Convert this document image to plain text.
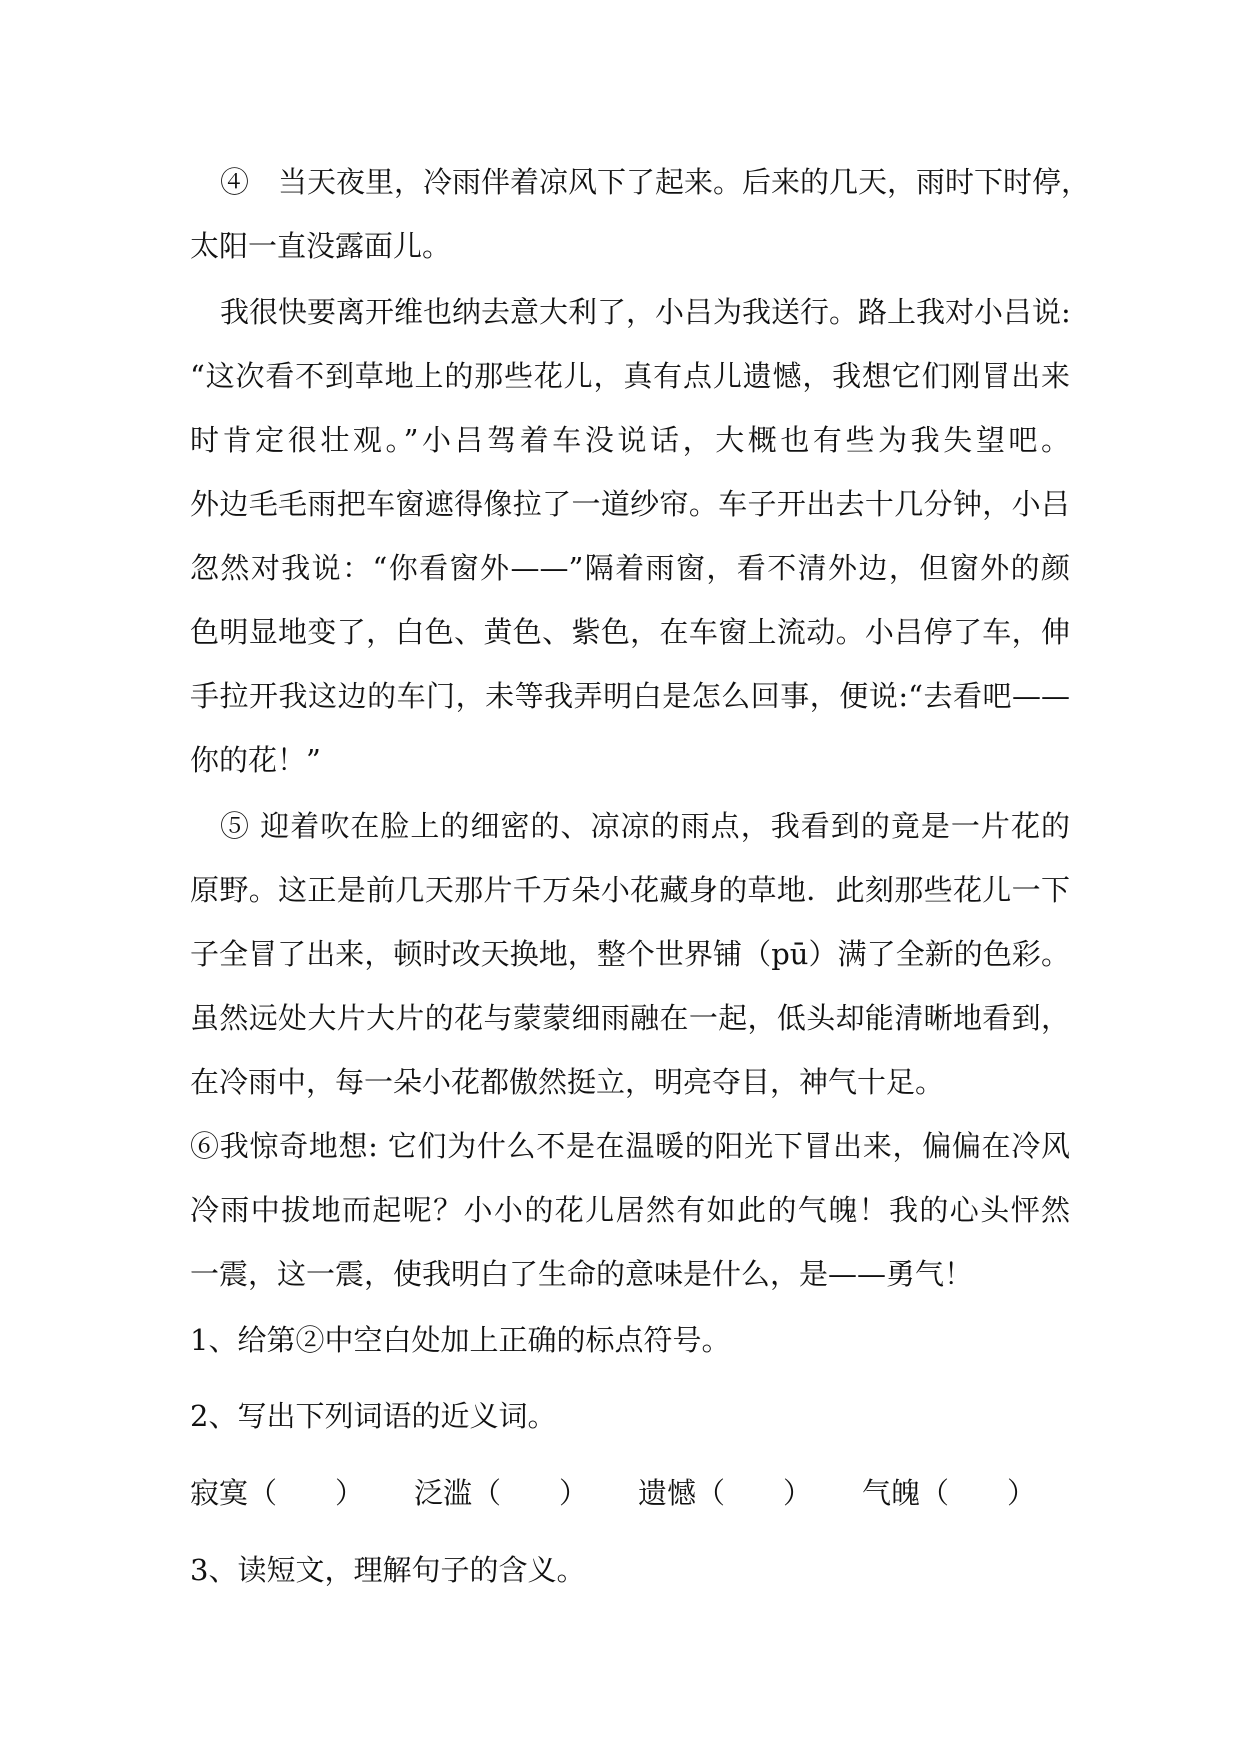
④　当天夜里，冷雨伴着凉风下了起来。后来的几天，雨时下时停，
太阳一直没露面儿。
我很快要离开维也纳去意大利了，小吕为我送行。路上我对小吕说:
“这次看不到草地上的那些花儿，真有点儿遗憾，我想它们刚冒出来
时肯定很壮观。”小吕驾着车没说话，大概也有些为我失望吧。
外边毛毛雨把车窗遮得像拉了一道纱帘。车子开出去十几分钟，小吕
忽然对我说：“你看窗外——”隔着雨窗，看不清外边，但窗外的颜
色明显地变了，白色、黄色、紫色，在车窗上流动。小吕停了车，伸
手拉开我这边的车门，未等我弄明白是怎么回事，便说:“去看吧——
你的花！”
⑤ 迎着吹在脸上的细密的、凉凉的雨点，我看到的竟是一片花的
原野。这正是前几天那片千万朵小花藏身的草地．此刻那些花儿一下
子全冒了出来，顿时改天换地，整个世界铺（pū）满了全新的色彩。
虽然远处大片大片的花与蒙蒙细雨融在一起，低头却能清晰地看到，
在冷雨中，每一朵小花都傲然挺立，明亮夺目，神气十足。
⑥我惊奇地想: 它们为什么不是在温暖的阳光下冒出来，偏偏在冷风
冷雨中拔地而起呢？小小的花儿居然有如此的气魄！我的心头怦然
一震，这一震，使我明白了生命的意味是什么，是——勇气！
1、给第②中空白处加上正确的标点符号。
2、写出下列词语的近义词。
寂寞（　　） 泛滥（　　） 遗憾（　　） 气魄（　　）
3、读短文，理解句子的含义。
